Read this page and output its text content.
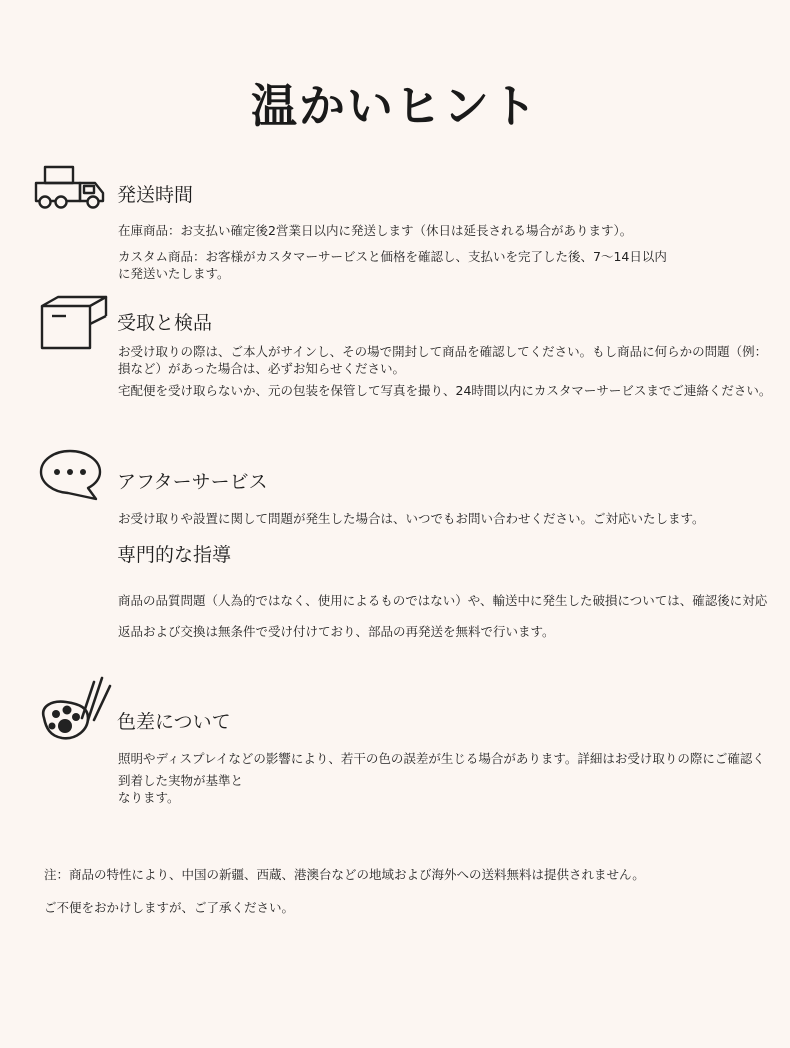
温かいヒント
発送時間
在庫商品：お支払い確定後2営業日以内に発送します（休日は延長される場合があります）。
カスタム商品：お客様がカスタマーサービスと価格を確認し、支払いを完了した後、7〜14日以内
に発送いたします。
受取と検品
お受け取りの際は、ご本人がサインし、その場で開封して商品を確認してください。もし商品に何らかの問題（例：
損など）があった場合は、必ずお知らせください。
宅配便を受け取らないか、元の包装を保管して写真を撮り、24時間以内にカスタマーサービスまでご連絡ください。
アフターサービス
お受け取りや設置に関して問題が発生した場合は、いつでもお問い合わせください。ご対応いたします。
専門的な指導
商品の品質問題（人為的ではなく、使用によるものではない）や、輸送中に発生した破損については、確認後に対応
返品および交換は無条件で受け付けており、部品の再発送を無料で行います。
色差について
照明やディスプレイなどの影響により、若干の色の誤差が生じる場合があります。詳細はお受け取りの際にご確認く
到着した実物が基準と
なります。
注：商品の特性により、中国の新疆、西蔵、港澳台などの地域および海外への送料無料は提供されません。
ご不便をおかけしますが、ご了承ください。
